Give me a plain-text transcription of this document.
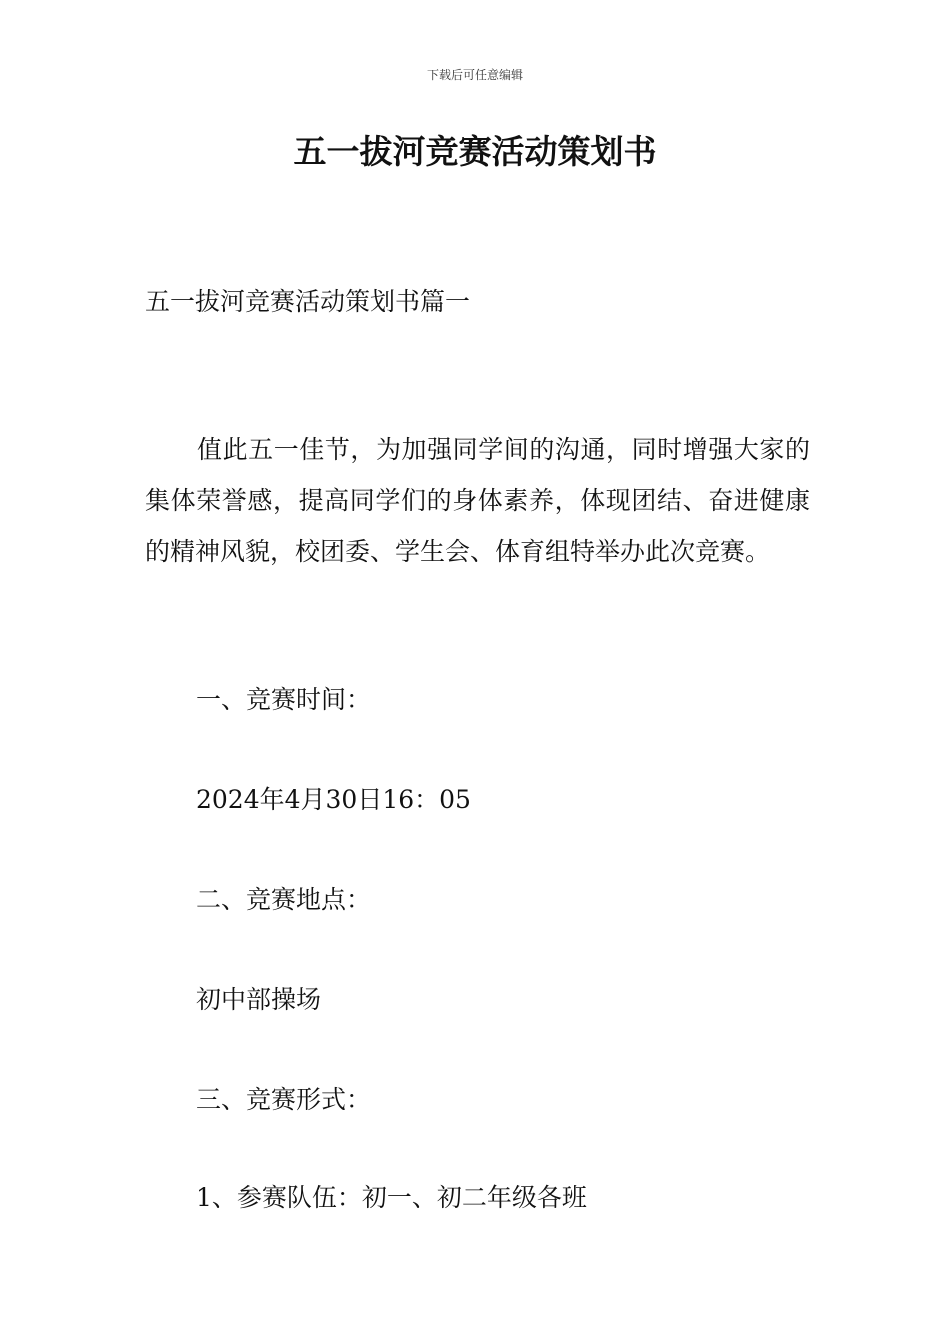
下载后可任意编辑
五一拔河竞赛活动策划书
五一拔河竞赛活动策划书篇一
值此五一佳节，为加强同学间的沟通，同时增强大家的集体荣誉感，提高同学们的身体素养，体现团结、奋进健康的精神风貌，校团委、学生会、体育组特举办此次竞赛。
一、竞赛时间：
2024年4月30日16：05
二、竞赛地点：
初中部操场
三、竞赛形式：
1、参赛队伍：初一、初二年级各班
